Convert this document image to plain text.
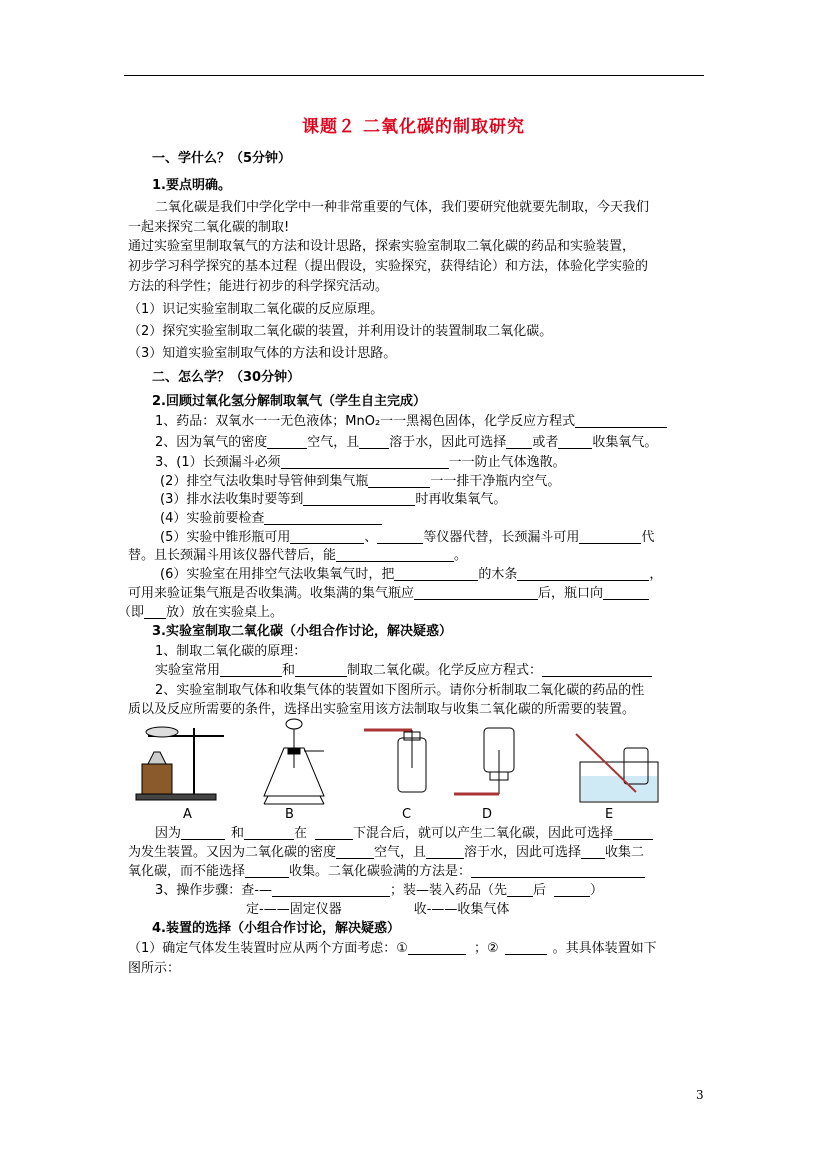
课题２ 二氧化碳的制取研究
一、学什么？（5分钟）
1.要点明确。
二氧化碳是我们中学化学中一种非常重要的气体，我们要研究他就要先制取，今天我们
一起来探究二氧化碳的制取!
通过实验室里制取氧气的方法和设计思路，探索实验室制取二氧化碳的药品和实验装置，
初步学习科学探究的基本过程（提出假设，实验探究，获得结论）和方法，体验化学实验的
方法的科学性；能进行初步的科学探究活动。
（1）识记实验室制取二氧化碳的反应原理。
（2）探究实验室制取二氧化碳的装置，并利用设计的装置制取二氧化碳。
（3）知道实验室制取气体的方法和设计思路。
二、怎么学？（30分钟）
2.回顾过氧化氢分解制取氧气（学生自主完成）
1、药品：双氧水一一无色液体；MnO₂一一黑褐色固体，化学反应方程式
2、因为氧气的密度	空气，且 溶于水，因此可选择 或者	收集氧气。
3、(1）长颈漏斗必须	一一防止气体逸散。
(2）排空气法收集时导管伸到集气瓶	一一排干净瓶内空气。
(3）排水法收集时要等到	时再收集氧气。
(4）实验前要检查
(5）实验中锥形瓶可用	、	等仪器代替，长颈漏斗可用	代
替。且长颈漏斗用该仪器代替后，能	。
(6）实验室在用排空气法收集氧气时，把	的木条	，
可用来验证集气瓶是否收集满。收集满的集气瓶应	后，瓶口向
（即 放）放在实验桌上。
3.实验室制取二氧化碳（小组合作讨论，解决疑惑）
1、制取二氧化碳的原理：
实验室常用	和	制取二氧化碳。化学反应方程式：
2、实验室制取气体和收集气体的装置如下图所示。请你分析制取二氧化碳的药品的性
质以及反应所需要的条件，选择出实验室用该方法制取与收集二氧化碳的所需要的装置。
A	B	C	D	E
因为	和	在	下混合后，就可以产生二氧化碳，因此可选择
为发生装置。又因为二氧化碳的密度	空气，且	溶于水，因此可选择 收集二
氧化碳，而不能选择	收集。二氧化碳验满的方法是：
3、操作步骤：查-—	；装—装入药品（先 后	）
定-——固定仪器	收-——收集气体
4.装置的选择（小组合作讨论，解决疑惑）
（1）确定气体发生装置时应从两个方面考虑：①	；②	。其具体装置如下
图所示：
3
